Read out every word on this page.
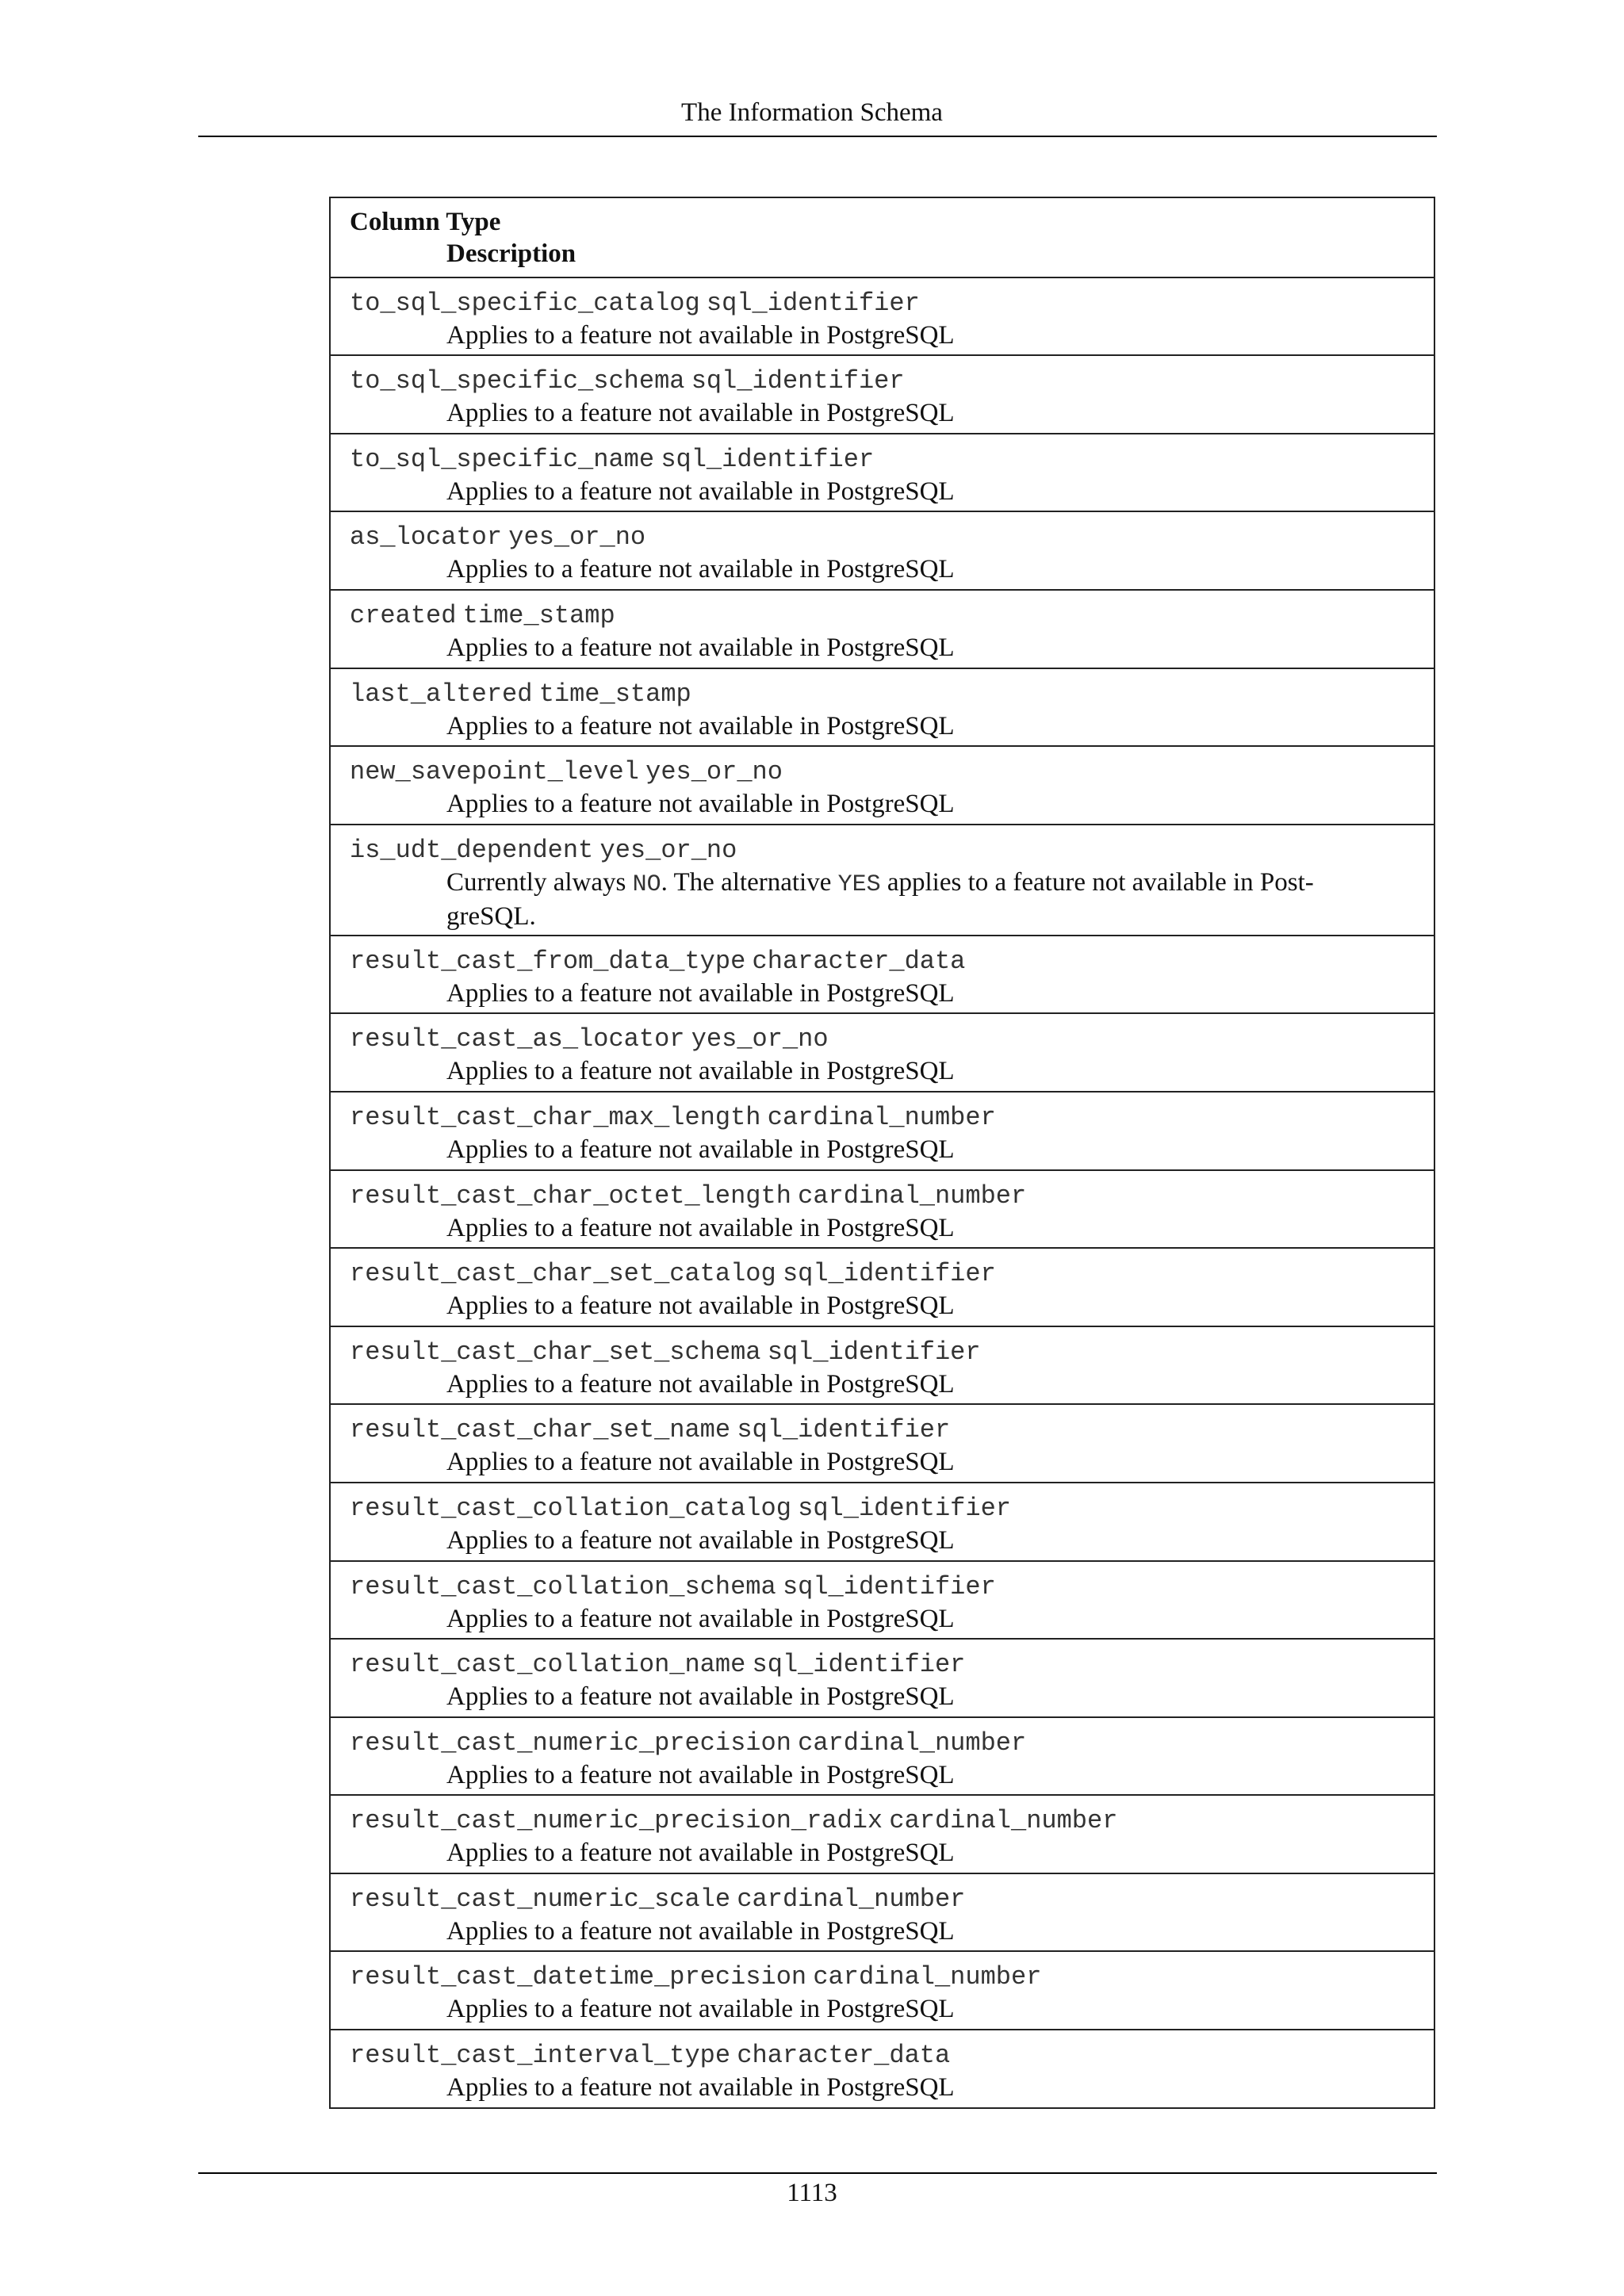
The Information Schema
Column Type
Description
to_sql_specific_catalog sql_identifier
Applies to a feature not available in PostgreSQL
to_sql_specific_schema sql_identifier
Applies to a feature not available in PostgreSQL
to_sql_specific_name sql_identifier
Applies to a feature not available in PostgreSQL
as_locator yes_or_no
Applies to a feature not available in PostgreSQL
created time_stamp
Applies to a feature not available in PostgreSQL
last_altered time_stamp
Applies to a feature not available in PostgreSQL
new_savepoint_level yes_or_no
Applies to a feature not available in PostgreSQL
is_udt_dependent yes_or_no
Currently always NO. The alternative YES applies to a feature not available in Post-greSQL.
result_cast_from_data_type character_data
Applies to a feature not available in PostgreSQL
result_cast_as_locator yes_or_no
Applies to a feature not available in PostgreSQL
result_cast_char_max_length cardinal_number
Applies to a feature not available in PostgreSQL
result_cast_char_octet_length cardinal_number
Applies to a feature not available in PostgreSQL
result_cast_char_set_catalog sql_identifier
Applies to a feature not available in PostgreSQL
result_cast_char_set_schema sql_identifier
Applies to a feature not available in PostgreSQL
result_cast_char_set_name sql_identifier
Applies to a feature not available in PostgreSQL
result_cast_collation_catalog sql_identifier
Applies to a feature not available in PostgreSQL
result_cast_collation_schema sql_identifier
Applies to a feature not available in PostgreSQL
result_cast_collation_name sql_identifier
Applies to a feature not available in PostgreSQL
result_cast_numeric_precision cardinal_number
Applies to a feature not available in PostgreSQL
result_cast_numeric_precision_radix cardinal_number
Applies to a feature not available in PostgreSQL
result_cast_numeric_scale cardinal_number
Applies to a feature not available in PostgreSQL
result_cast_datetime_precision cardinal_number
Applies to a feature not available in PostgreSQL
result_cast_interval_type character_data
Applies to a feature not available in PostgreSQL
1113
